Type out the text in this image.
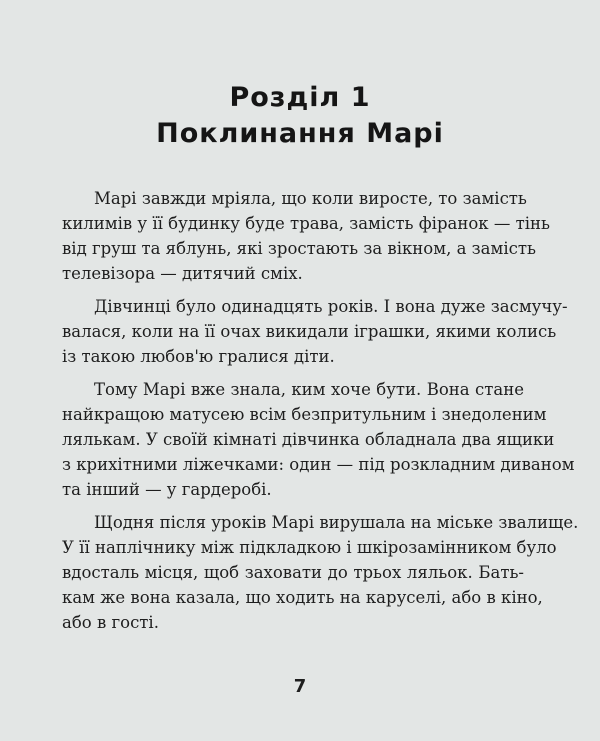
Розділ 1
Поклинання Марі
Марі завжди мріяла, що коли виросте, то замість
килимів у її будинку буде трава, замість фіранок — тінь
від груш та яблунь, які зростають за вікном, а замість
телевізора — дитячий сміх.
Дівчинці було одинадцять років. І вона дуже засмучу-
валася, коли на її очах викидали іграшки, якими колись
із такою любов'ю гралися діти.
Тому Марі вже знала, ким хоче бути. Вона стане
найкращою матусею всім безпритульним і знедоленим
лялькам. У своїй кімнаті дівчинка обладнала два ящики
з крихітними ліжечками: один — під розкладним диваном
та інший — у гардеробі.
Щодня після уроків Марі вирушала на міське звалище.
У її наплічнику між підкладкою і шкірозамінником було
вдосталь місця, щоб заховати до трьох ляльок. Бать-
кам же вона казала, що ходить на каруселі, або в кіно,
або в гості.
7
